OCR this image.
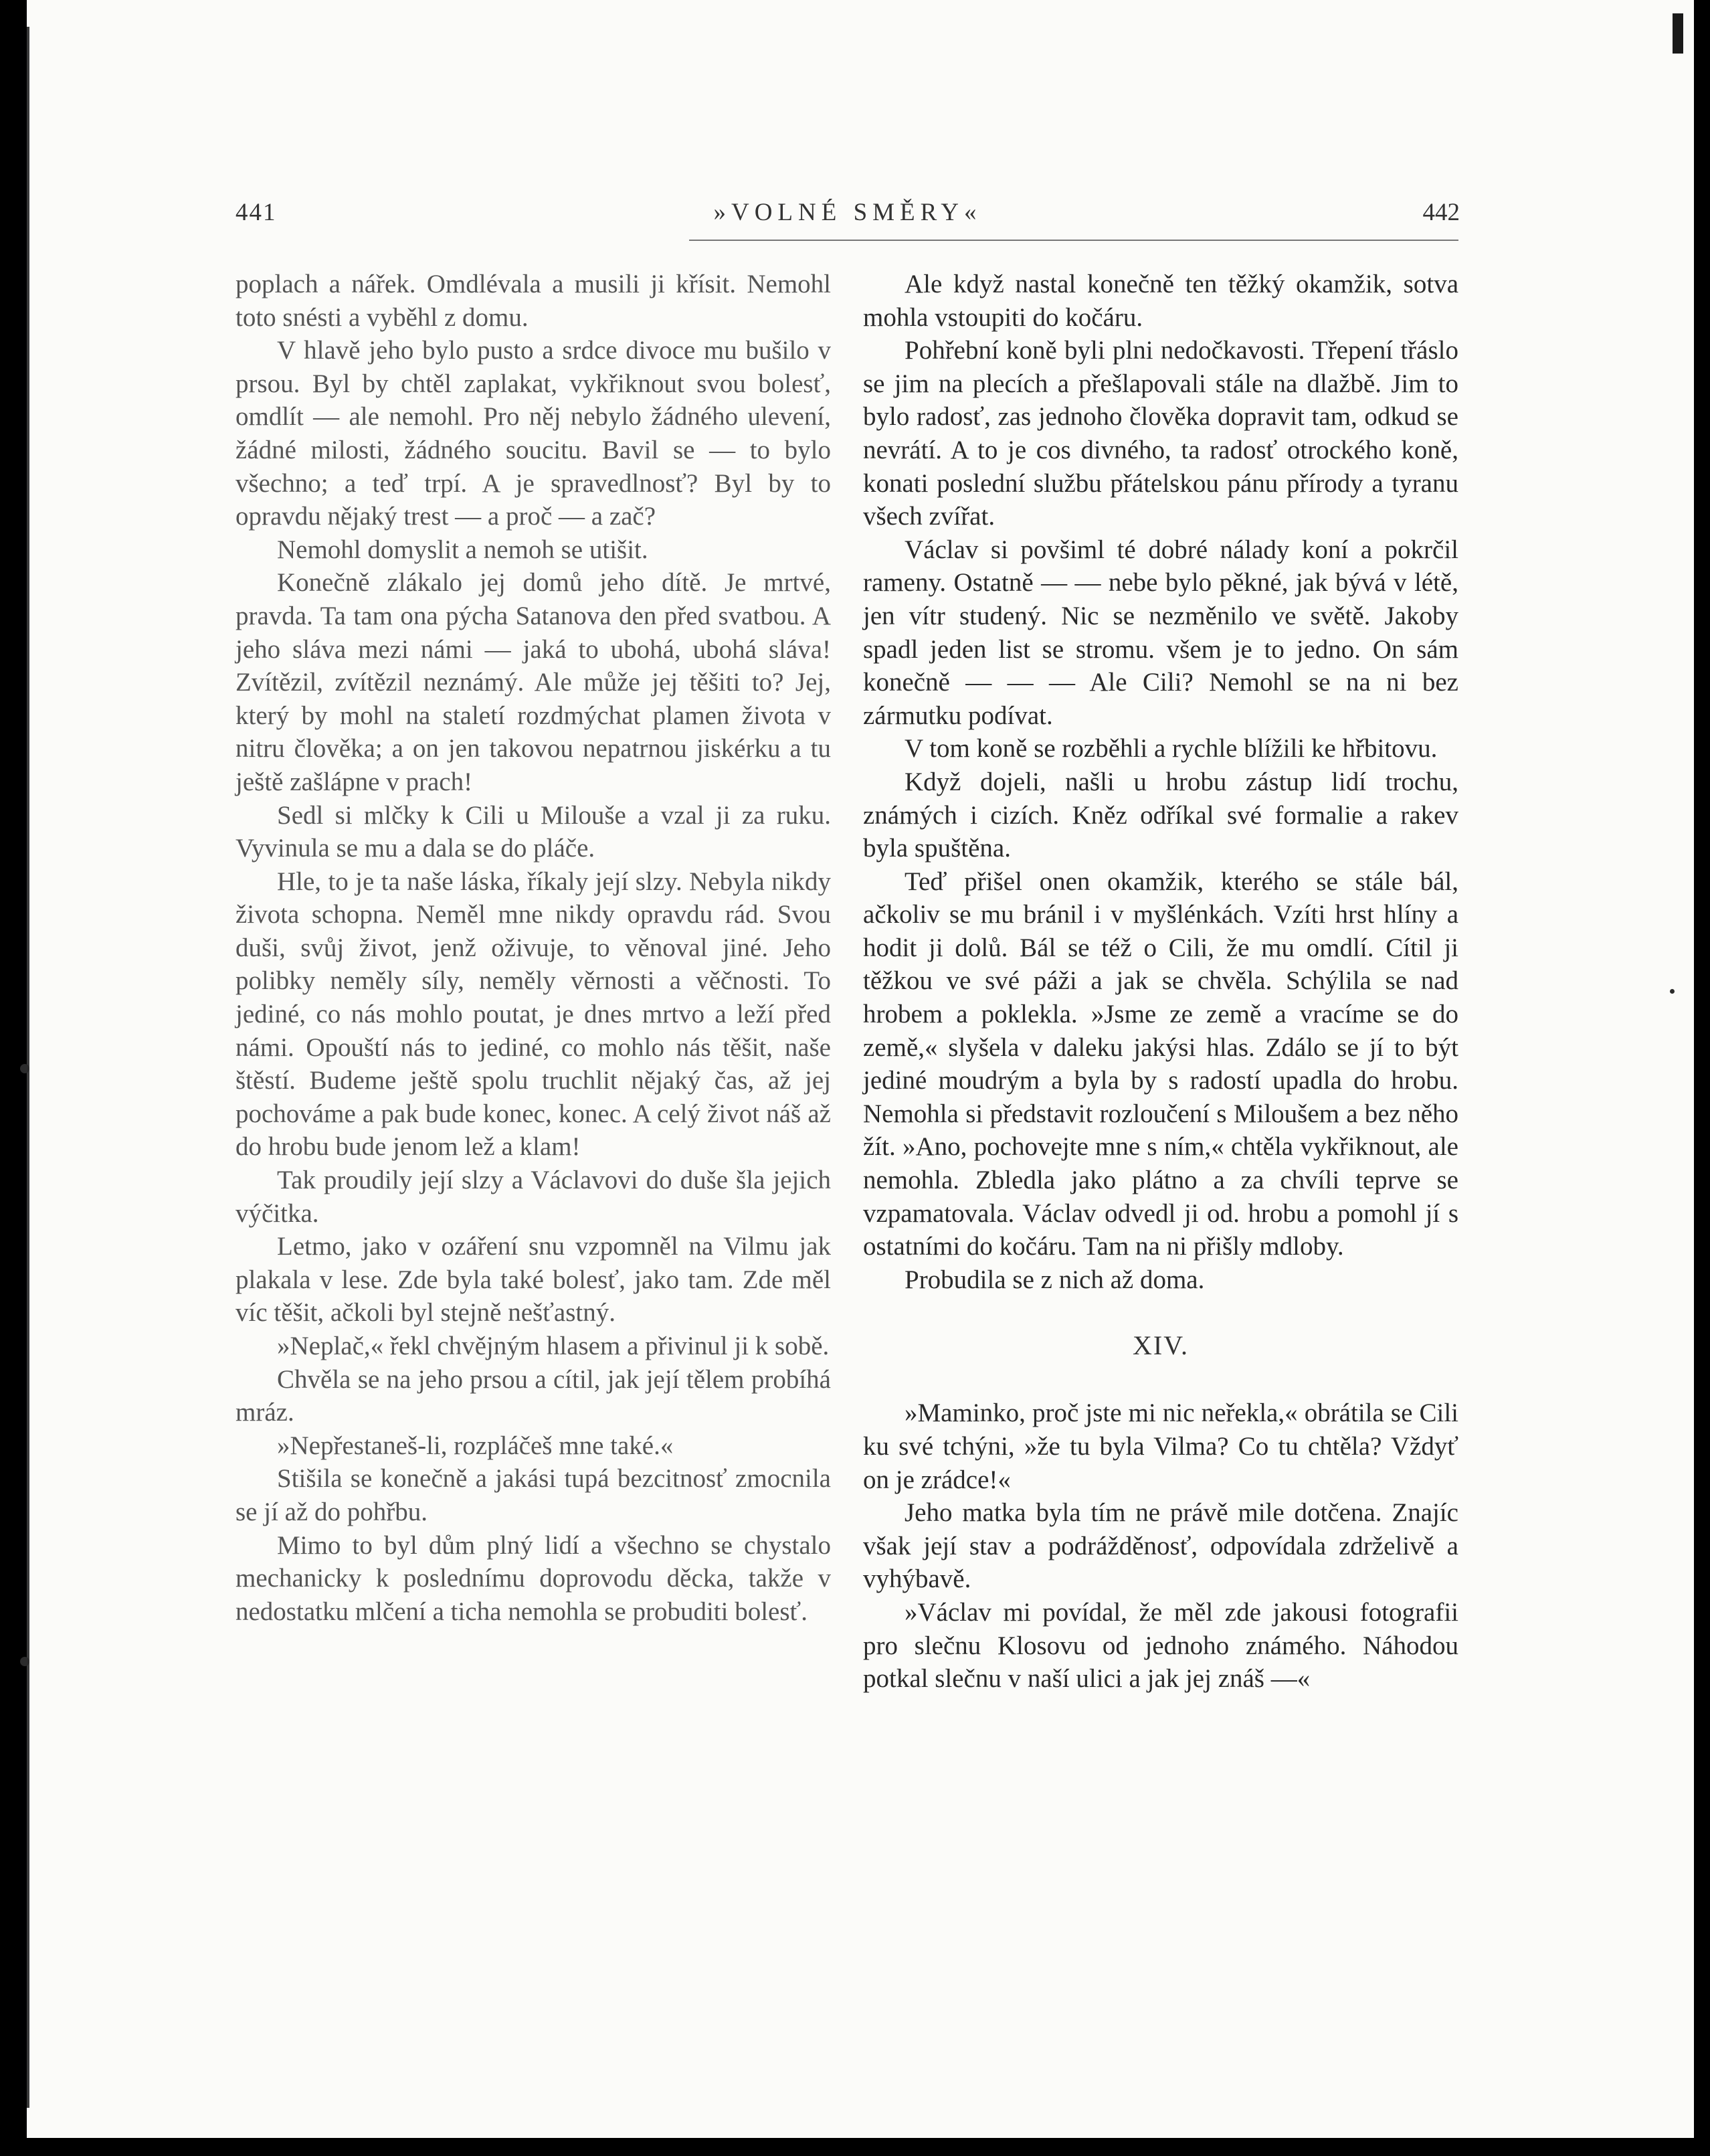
441	»VOLNÉ SMĚRY«	442

poplach a nářek. Omdlévala a musili ji křísit. Nemohl toto snésti a vyběhl z domu.

V hlavě jeho bylo pusto a srdce divoce mu bušilo v prsou. Byl by chtěl zaplakat, vykřiknout svou bolesť, omdlít — ale nemohl. Pro něj nebylo žádného ulevení, žádné milosti, žádného soucitu. Bavil se — to bylo všechno; a teď trpí. A je spravedlnosť? Byl by to opravdu nějaký trest — a proč — a zač?

Nemohl domyslit a nemoh se utišit.

Konečně zlákalo jej domů jeho dítě. Je mrtvé, pravda. Ta tam ona pýcha Satanova den před svatbou. A jeho sláva mezi námi — jaká to ubohá, ubohá sláva! Zvítězil, zvítězil neznámý. Ale může jej těšiti to? Jej, který by mohl na staletí rozdmýchat plamen života v nitru člověka; a on jen takovou nepatrnou jiskérku a tu ještě zašlápne v prach!

Sedl si mlčky k Cili u Milouše a vzal ji za ruku. Vyvinula se mu a dala se do pláče.

Hle, to je ta naše láska, říkaly její slzy. Nebyla nikdy života schopna. Neměl mne nikdy opravdu rád. Svou duši, svůj život, jenž oživuje, to věnoval jiné. Jeho polibky neměly síly, neměly věrnosti a věčnosti. To jediné, co nás mohlo poutat, je dnes mrtvo a leží před námi. Opouští nás to jediné, co mohlo nás těšit, naše štěstí. Budeme ještě spolu truchlit nějaký čas, až jej pochováme a pak bude konec, konec. A celý život náš až do hrobu bude jenom lež a klam!

Tak proudily její slzy a Václavovi do duše šla jejich výčitka.

Letmo, jako v ozáření snu vzpomněl na Vilmu jak plakala v lese. Zde byla také bolesť, jako tam. Zde měl víc těšit, ačkoli byl stejně nešťastný.

»Neplač,« řekl chvějným hlasem a přivinul ji k sobě.

Chvěla se na jeho prsou a cítil, jak její tělem probíhá mráz.

»Nepřestaneš-li, rozpláčeš mne také.«

Stišila se konečně a jakási tupá bezcitnosť zmocnila se jí až do pohřbu.

Mimo to byl dům plný lidí a všechno se chystalo mechanicky k poslednímu doprovodu děcka, takže v nedostatku mlčení a ticha nemohla se probuditi bolesť.

Ale když nastal konečně ten těžký okamžik, sotva mohla vstoupiti do kočáru.

Pohřební koně byli plni nedočkavosti. Třepení třáslo se jim na plecích a přešlapovali stále na dlažbě. Jim to bylo radosť, zas jednoho člověka dopravit tam, odkud se nevrátí. A to je cos divného, ta radosť otrockého koně, konati poslední službu přátelskou pánu přírody a tyranu všech zvířat.

Václav si povšiml té dobré nálady koní a pokrčil rameny. Ostatně — — nebe bylo pěkné, jak bývá v létě, jen vítr studený. Nic se nezměnilo ve světě. Jakoby spadl jeden list se stromu. všem je to jedno. On sám konečně — — — Ale Cili? Nemohl se na ni bez zármutku podívat.

V tom koně se rozběhli a rychle blížili ke hřbitovu.

Když dojeli, našli u hrobu zástup lidí trochu, známých i cizích. Kněz odříkal své formalie a rakev byla spuštěna.

Teď přišel onen okamžik, kterého se stále bál, ačkoliv se mu bránil i v myšlénkách. Vzíti hrst hlíny a hodit ji dolů. Bál se též o Cili, že mu omdlí. Cítil ji těžkou ve své páži a jak se chvěla. Schýlila se nad hrobem a poklekla. »Jsme ze země a vracíme se do země,« slyšela v daleku jakýsi hlas. Zdálo se jí to být jediné moudrým a byla by s radostí upadla do hrobu. Nemohla si představit rozloučení s Miloušem a bez něho žít. »Ano, pochovejte mne s ním,« chtěla vykřiknout, ale nemohla. Zbledla jako plátno a za chvíli teprve se vzpamatovala. Václav odvedl ji od. hrobu a pomohl jí s ostatními do kočáru. Tam na ni přišly mdloby.

Probudila se z nich až doma.

XIV.

»Maminko, proč jste mi nic neřekla,« obrátila se Cili ku své tchýni, »že tu byla Vilma? Co tu chtěla? Vždyť on je zrádce!«

Jeho matka byla tím ne právě mile dotčena. Znajíc však její stav a podrážděnosť, odpovídala zdrželivě a vyhýbavě.

»Václav mi povídal, že měl zde jakousi fotografii pro slečnu Klosovu od jednoho známého. Náhodou potkal slečnu v naší ulici a jak jej znáš —«
